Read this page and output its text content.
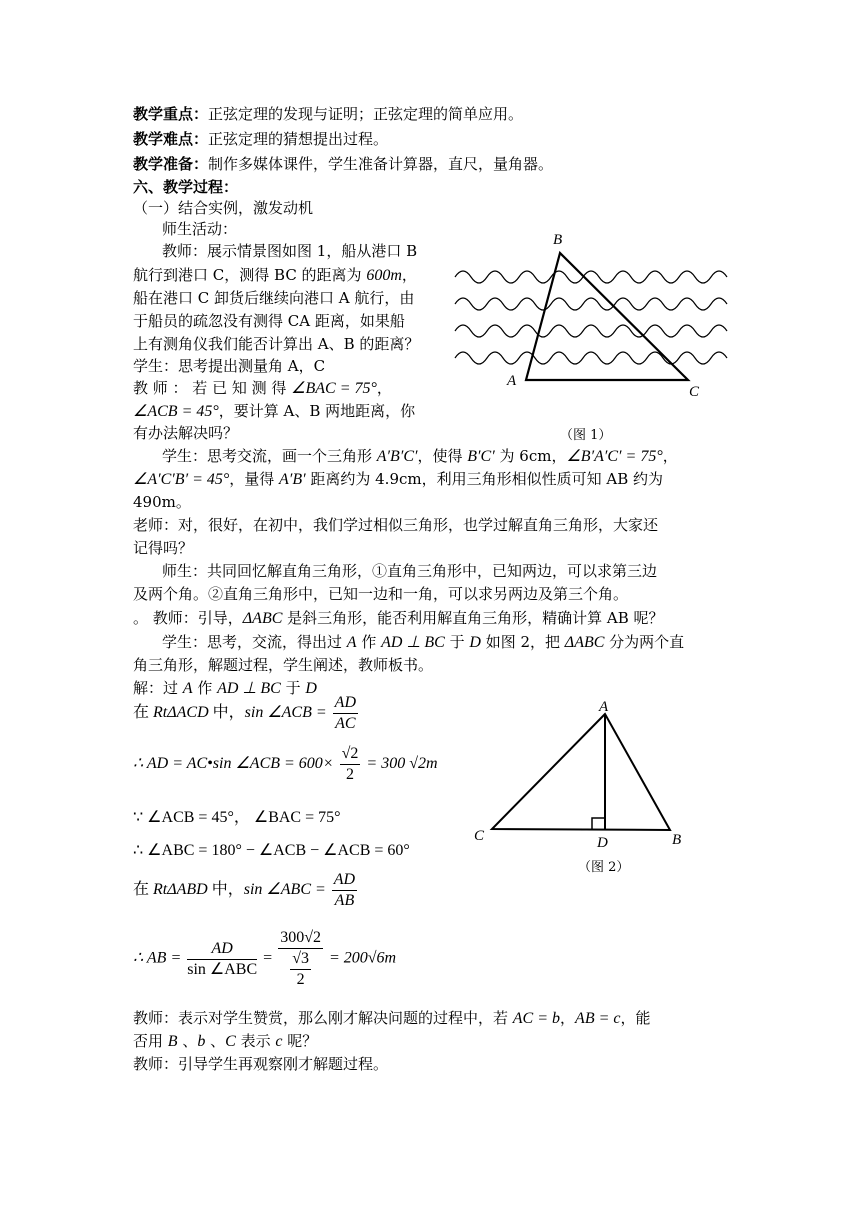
教学重点：正弦定理的发现与证明；正弦定理的简单应用。
教学难点：正弦定理的猜想提出过程。
教学准备：制作多媒体课件，学生准备计算器，直尺，量角器。
六、教学过程：
（一）结合实例，激发动机
师生活动：
教师：展示情景图如图 1，船从港口 B
航行到港口 C，测得 BC 的距离为 600m，
船在港口 C 卸货后继续向港口 A 航行，由
于船员的疏忽没有测得 CA 距离，如果船
上有测角仪我们能否计算出 A、B 的距离？
学生：思考提出测量角 A，C
教 师 ： 若 已 知 测 得 ∠BAC = 75°，
∠ACB = 45°，要计算 A、B 两地距离，你
有办法解决吗？
B
A
C
（图 1）
学生：思考交流，画一个三角形 A′B′C′，使得 B′C′ 为 6cm，∠B′A′C′ = 75°，
∠A′C′B′ = 45°，量得 A′B′ 距离约为 4.9cm，利用三角形相似性质可知 AB 约为
490m。
老师：对，很好，在初中，我们学过相似三角形，也学过解直角三角形，大家还
记得吗？
师生：共同回忆解直角三角形，①直角三角形中，已知两边，可以求第三边
及两个角。②直角三角形中，已知一边和一角，可以求另两边及第三个角。
。 教师：引导，ΔABC 是斜三角形，能否利用解直角三角形，精确计算 AB 呢？
学生：思考，交流，得出过 A 作 AD ⊥ BC 于 D 如图 2，把 ΔABC 分为两个直
角三角形，解题过程，学生阐述，教师板书。
解：过 A 作 AD ⊥ BC 于 D
在 RtΔACD 中，sin ∠ACB = $\frac{AD}{AC}$
∴ AD = AC•sin ∠ACB = $600\times \frac{√2}{2} = 300$ √2m
∵ ∠ACB = 45°， ∠BAC = 75°
∴ ∠ABC = 180° − ∠ACB − ∠ACB = 60°
在 RtΔABD 中，sin ∠ABC = $\frac{AD}{AB}$
∴ AB = $\frac{AD}{\text{sin ∠ABC}} = \frac{300√2}{\frac{√3}{2}} = 200√6m$
A
C	D	B
（图 2）
教师：表示对学生赞赏，那么刚才解决问题的过程中，若 AC = b，AB = c，能
否用 B 、b 、C 表示 c 呢？
教师：引导学生再观察刚才解题过程。
